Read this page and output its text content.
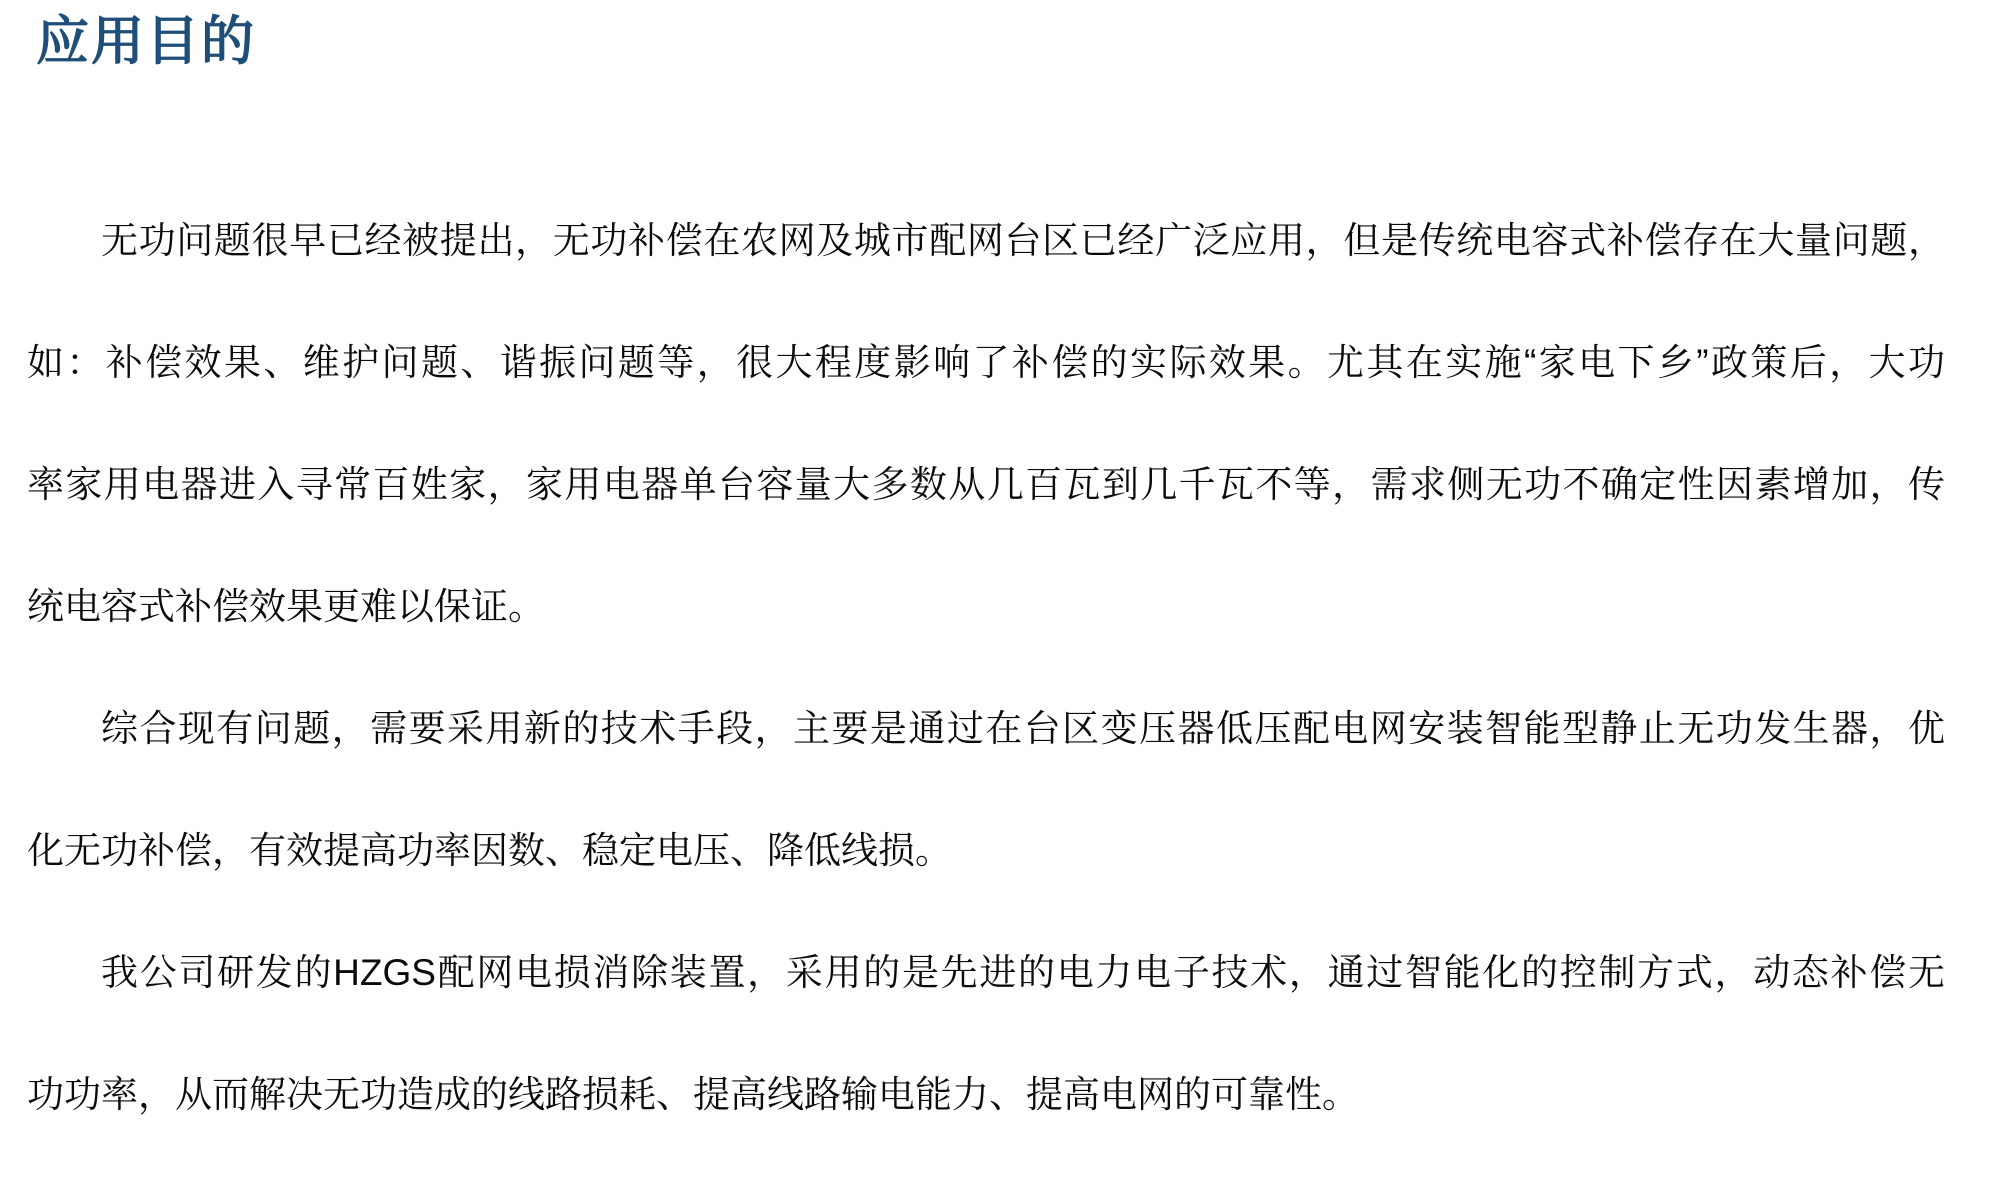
应用目的
无功问题很早已经被提出，无功补偿在农网及城市配网台区已经广泛应用，但是传统电容式补偿存在大量问题，
如：补偿效果、维护问题、谐振问题等，很大程度影响了补偿的实际效果。尤其在实施“家电下乡”政策后，大功
率家用电器进入寻常百姓家，家用电器单台容量大多数从几百瓦到几千瓦不等，需求侧无功不确定性因素增加，传
统电容式补偿效果更难以保证。
综合现有问题，需要采用新的技术手段，主要是通过在台区变压器低压配电网安装智能型静止无功发生器，优
化无功补偿，有效提高功率因数、稳定电压、降低线损。
我公司研发的HZGS配网电损消除装置，采用的是先进的电力电子技术，通过智能化的控制方式，动态补偿无
功功率，从而解决无功造成的线路损耗、提高线路输电能力、提高电网的可靠性。
